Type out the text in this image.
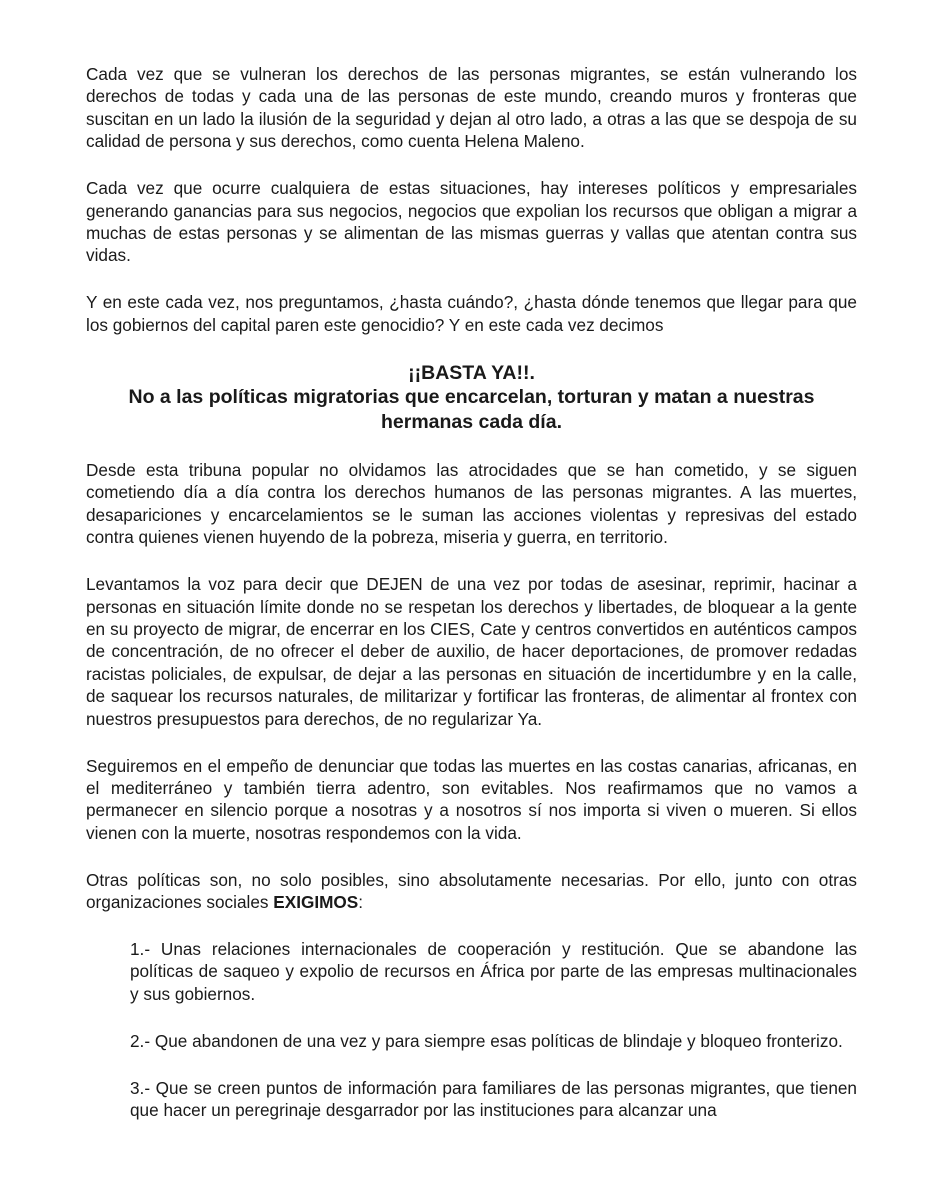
Cada vez que se vulneran los derechos de las personas migrantes, se están vulnerando los derechos de todas y cada una de las personas de este mundo, creando muros y fronteras que suscitan en un lado la ilusión de la seguridad y dejan al otro lado, a otras a las que se despoja de su calidad de persona y sus derechos, como cuenta Helena Maleno.

Cada vez que ocurre cualquiera de estas situaciones, hay intereses políticos y empresariales generando ganancias para sus negocios, negocios que expolian los recursos que obligan a migrar a muchas de estas personas y se alimentan de las mismas guerras y vallas que atentan contra sus vidas.

Y en este cada vez, nos preguntamos, ¿hasta cuándo?, ¿hasta dónde tenemos que llegar para que los gobiernos del capital paren este genocidio? Y en este cada vez decimos

¡¡BASTA YA!!.
No a las políticas migratorias que encarcelan, torturan y matan a nuestras hermanas cada día.

Desde esta tribuna popular no olvidamos las atrocidades que se han cometido, y se siguen cometiendo día a día contra los derechos humanos de las personas migrantes. A las muertes, desapariciones y encarcelamientos se le suman las acciones violentas y represivas del estado contra quienes vienen huyendo de la pobreza, miseria y guerra, en territorio.

Levantamos la voz para decir que DEJEN de una vez por todas de asesinar, reprimir, hacinar a personas en situación límite donde no se respetan los derechos y libertades, de bloquear a la gente en su proyecto de migrar, de encerrar en los CIES, Cate y centros convertidos en auténticos campos de concentración, de no ofrecer el deber de auxilio, de hacer deportaciones, de promover redadas racistas policiales, de expulsar, de dejar a las personas en situación de incertidumbre y en la calle, de saquear los recursos naturales, de militarizar y fortificar las fronteras, de alimentar al frontex con nuestros presupuestos para derechos, de no regularizar Ya.

Seguiremos en el empeño de denunciar que todas las muertes en las costas canarias, africanas, en el mediterráneo y también tierra adentro, son evitables. Nos reafirmamos que no vamos a permanecer en silencio porque a nosotras y a nosotros sí nos importa si viven o mueren. Si ellos vienen con la muerte, nosotras respondemos con la vida.

Otras políticas son, no solo posibles, sino absolutamente necesarias. Por ello, junto con otras organizaciones sociales EXIGIMOS:

1.- Unas relaciones internacionales de cooperación y restitución. Que se abandone las políticas de saqueo y expolio de recursos en África por parte de las empresas multinacionales y sus gobiernos.
2.- Que abandonen de una vez y para siempre esas políticas de blindaje y bloqueo fronterizo.
3.- Que se creen puntos de información para familiares de las personas migrantes, que tienen que hacer un peregrinaje desgarrador por las instituciones para alcanzar una
